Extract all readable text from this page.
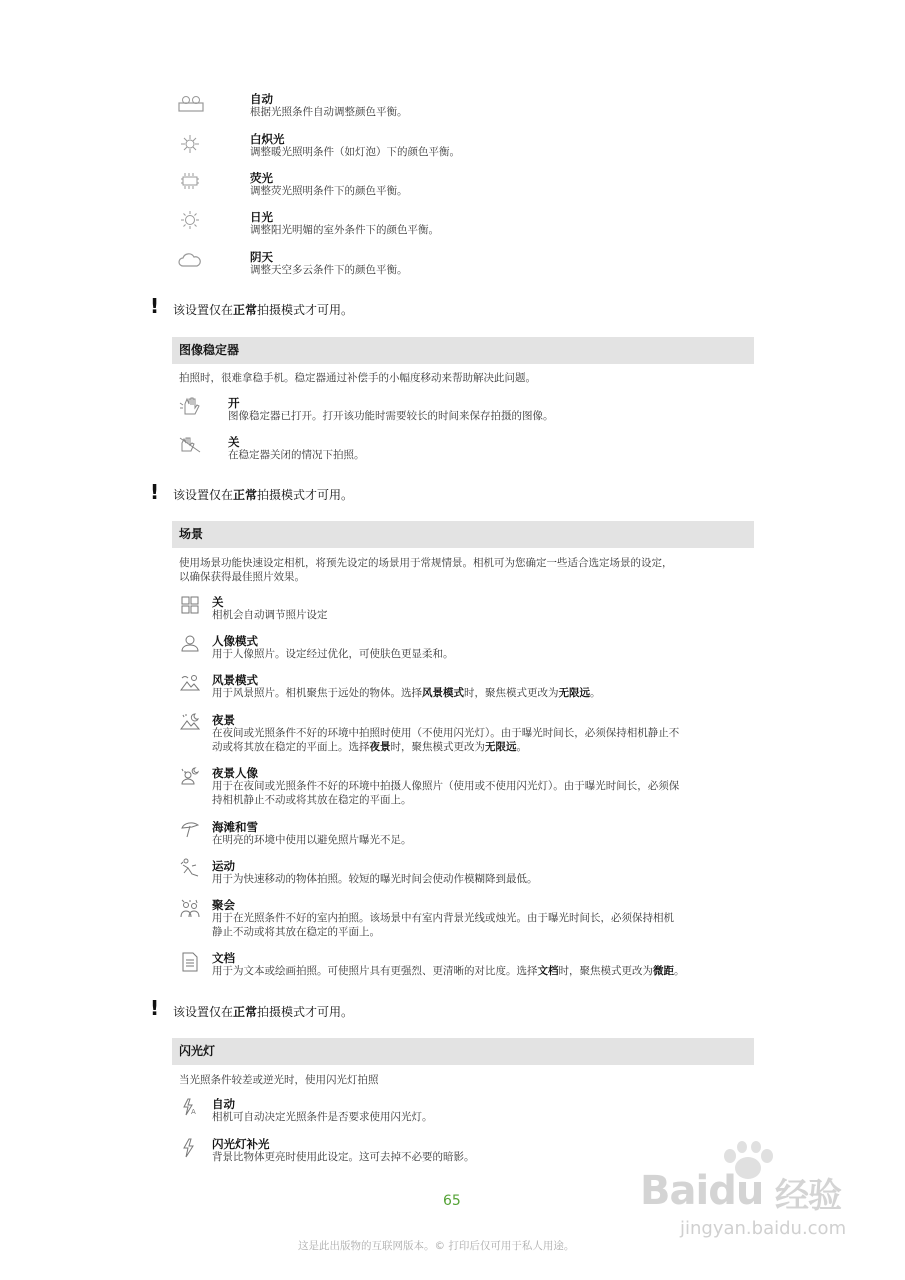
自动
根据光照条件自动调整颜色平衡。
白炽光
调整暖光照明条件（如灯泡）下的颜色平衡。
荧光
调整荧光照明条件下的颜色平衡。
日光
调整阳光明媚的室外条件下的颜色平衡。
阴天
调整天空多云条件下的颜色平衡。
! 该设置仅在正常拍摄模式才可用。
图像稳定器
拍照时，很难拿稳手机。稳定器通过补偿手的小幅度移动来帮助解决此问题。
开
图像稳定器已打开。打开该功能时需要较长的时间来保存拍摄的图像。
关
在稳定器关闭的情况下拍照。
! 该设置仅在正常拍摄模式才可用。
场景
使用场景功能快速设定相机，将预先设定的场景用于常规情景。相机可为您确定一些适合选定场景的设定，
以确保获得最佳照片效果。
关
相机会自动调节照片设定
人像模式
用于人像照片。设定经过优化，可使肤色更显柔和。
风景模式
用于风景照片。相机聚焦于远处的物体。选择风景模式时，聚焦模式更改为无限远。
夜景
在夜间或光照条件不好的环境中拍照时使用（不使用闪光灯）。由于曝光时间长，必须保持相机静止不
动或将其放在稳定的平面上。选择夜景时，聚焦模式更改为无限远。
夜景人像
用于在夜间或光照条件不好的环境中拍摄人像照片（使用或不使用闪光灯）。由于曝光时间长，必须保
持相机静止不动或将其放在稳定的平面上。
海滩和雪
在明亮的环境中使用以避免照片曝光不足。
运动
用于为快速移动的物体拍照。较短的曝光时间会使动作模糊降到最低。
聚会
用于在光照条件不好的室内拍照。该场景中有室内背景光线或烛光。由于曝光时间长，必须保持相机
静止不动或将其放在稳定的平面上。
文档
用于为文本或绘画拍照。可使照片具有更强烈、更清晰的对比度。选择文档时，聚焦模式更改为微距。
! 该设置仅在正常拍摄模式才可用。
闪光灯
当光照条件较差或逆光时，使用闪光灯拍照
A
自动
相机可自动决定光照条件是否要求使用闪光灯。
闪光灯补光
背景比物体更亮时使用此设定。这可去掉不必要的暗影。
65
这是此出版物的互联网版本。© 打印后仅可用于私人用途。
Baidu 经验
jingyan.baidu.com
